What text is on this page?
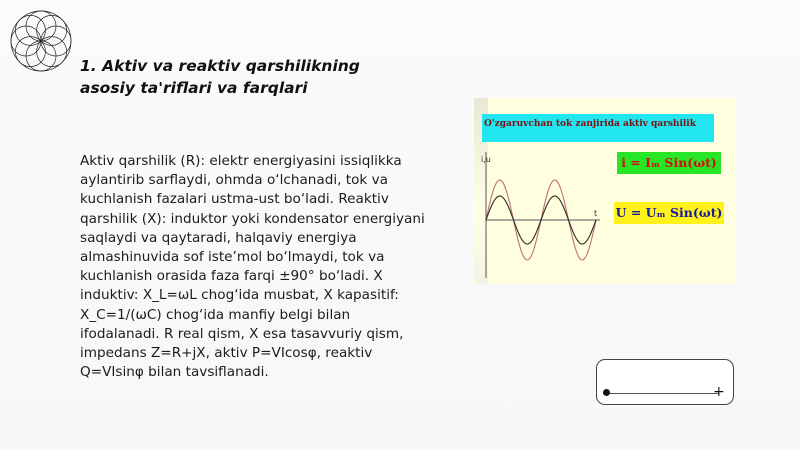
1. Aktiv va reaktiv qarshilikning
asosiy ta'riflari va farqlari
Aktiv qarshilik (R): elektr energiyasini issiqlikka aylantirib sarflaydi, ohmda o‘lchanadi, tok va kuchlanish fazalari ustma-ust bo‘ladi. Reaktiv qarshilik (X): induktor yoki kondensator energiyani saqlaydi va qaytaradi, halqaviy energiya almashinuvida sof iste’mol bo‘lmaydi, tok va kuchlanish orasida faza farqi ±90° bo‘ladi. X induktiv: X_L=ωL chog‘ida musbat, X kapasitif: X_C=1/(ωC) chog‘ida manfiy belgi bilan ifodalanadi. R real qism, X esa tasavvuriy qism, impedans Z=R+jX, aktiv P=VIcosφ, reaktiv Q=VIsinφ bilan tavsiflanadi.
O'zgaruvchan tok zanjirida aktiv qarshilik
i = Iₘ Sin(ωt)
U = Uₘ Sin(ωt)
i,u
t
+
